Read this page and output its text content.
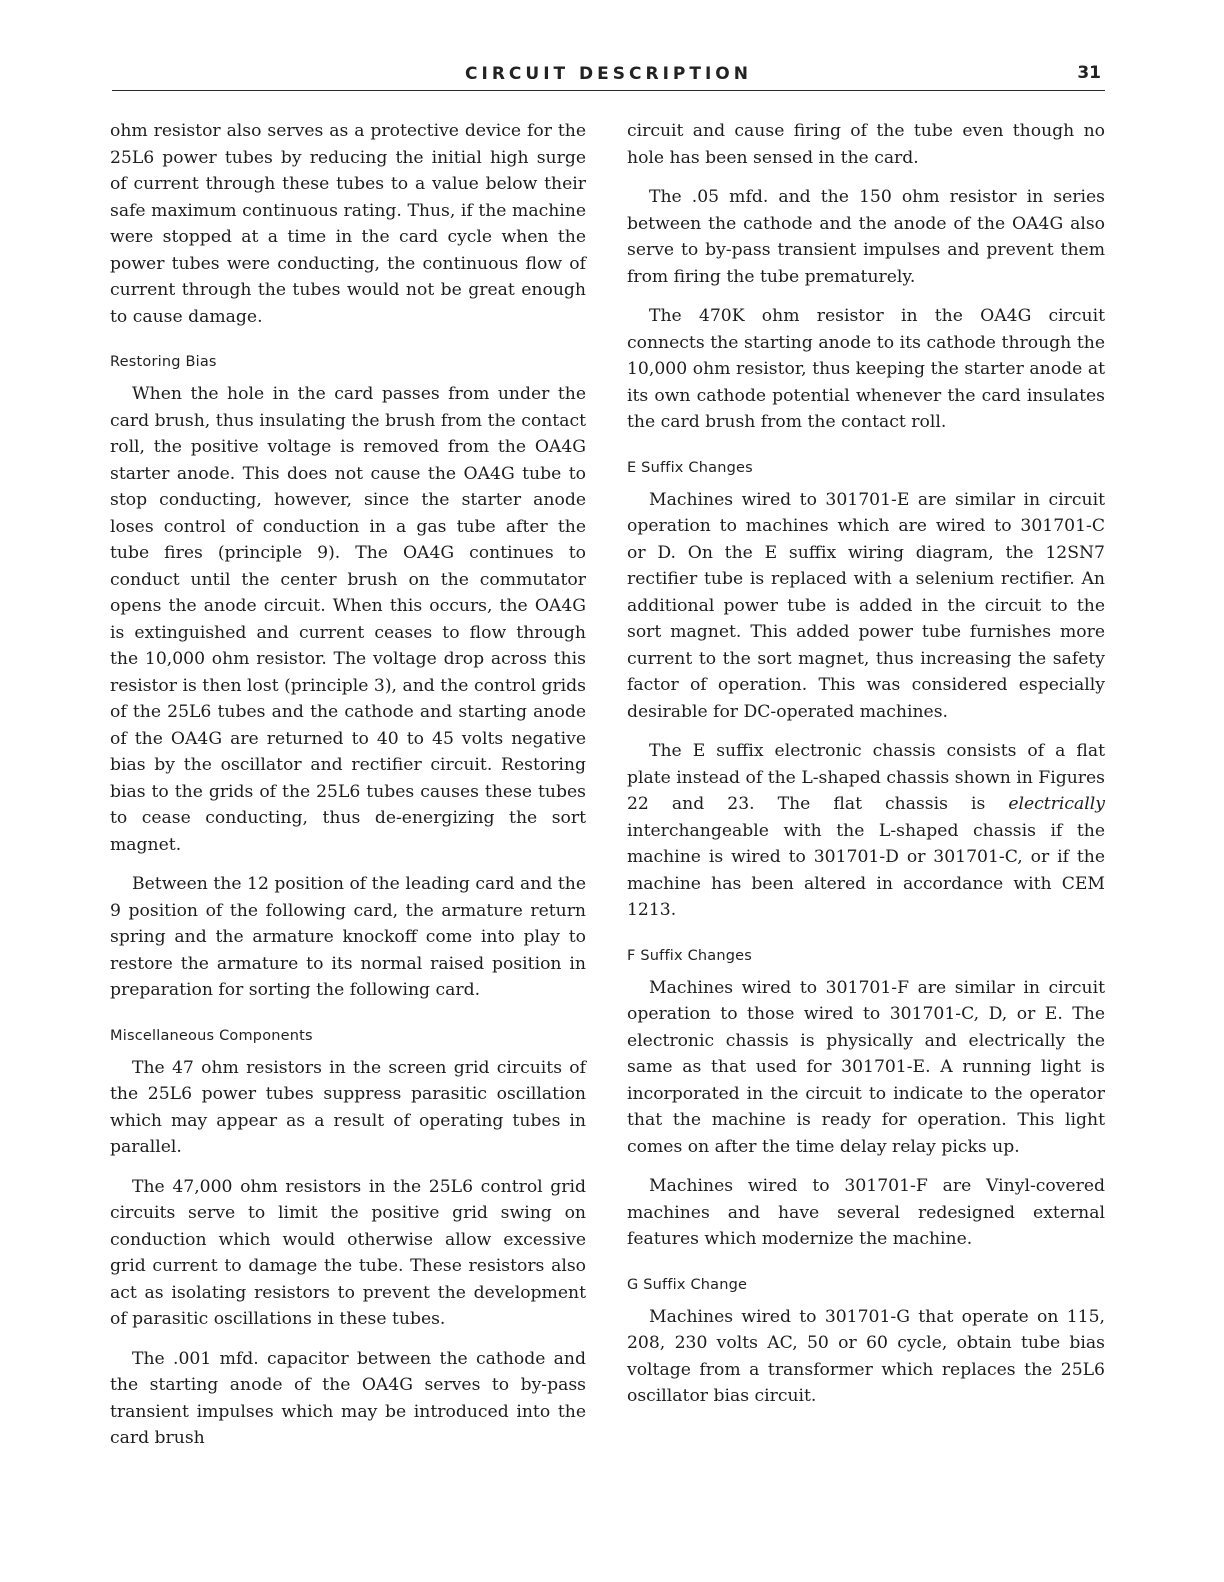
CIRCUIT DESCRIPTION	31

ohm resistor also serves as a protective device for the 25L6 power tubes by reducing the initial high surge of current through these tubes to a value below their safe maximum continuous rating. Thus, if the machine were stopped at a time in the card cycle when the power tubes were conducting, the continuous flow of current through the tubes would not be great enough to cause damage.

Restoring Bias

When the hole in the card passes from under the card brush, thus insulating the brush from the contact roll, the positive voltage is removed from the OA4G starter anode. This does not cause the OA4G tube to stop conducting, however, since the starter anode loses control of conduction in a gas tube after the tube fires (principle 9). The OA4G continues to conduct until the center brush on the commutator opens the anode circuit. When this occurs, the OA4G is extinguished and current ceases to flow through the 10,000 ohm resistor. The voltage drop across this resistor is then lost (principle 3), and the control grids of the 25L6 tubes and the cathode and starting anode of the OA4G are returned to 40 to 45 volts negative bias by the oscillator and rectifier circuit. Restoring bias to the grids of the 25L6 tubes causes these tubes to cease conducting, thus de-energizing the sort magnet.

Between the 12 position of the leading card and the 9 position of the following card, the armature return spring and the armature knockoff come into play to restore the armature to its normal raised position in preparation for sorting the following card.

Miscellaneous Components

The 47 ohm resistors in the screen grid circuits of the 25L6 power tubes suppress parasitic oscillation which may appear as a result of operating tubes in parallel.

The 47,000 ohm resistors in the 25L6 control grid circuits serve to limit the positive grid swing on conduction which would otherwise allow excessive grid current to damage the tube. These resistors also act as isolating resistors to prevent the development of parasitic oscillations in these tubes.

The .001 mfd. capacitor between the cathode and the starting anode of the OA4G serves to by-pass transient impulses which may be introduced into the card brush

circuit and cause firing of the tube even though no hole has been sensed in the card.

The .05 mfd. and the 150 ohm resistor in series between the cathode and the anode of the OA4G also serve to by-pass transient impulses and prevent them from firing the tube prematurely.

The 470K ohm resistor in the OA4G circuit connects the starting anode to its cathode through the 10,000 ohm resistor, thus keeping the starter anode at its own cathode potential whenever the card insulates the card brush from the contact roll.

E Suffix Changes

Machines wired to 301701-E are similar in circuit operation to machines which are wired to 301701-C or D. On the E suffix wiring diagram, the 12SN7 rectifier tube is replaced with a selenium rectifier. An additional power tube is added in the circuit to the sort magnet. This added power tube furnishes more current to the sort magnet, thus increasing the safety factor of operation. This was considered especially desirable for DC-operated machines.

The E suffix electronic chassis consists of a flat plate instead of the L-shaped chassis shown in Figures 22 and 23. The flat chassis is electrically interchangeable with the L-shaped chassis if the machine is wired to 301701-D or 301701-C, or if the machine has been altered in accordance with CEM 1213.

F Suffix Changes

Machines wired to 301701-F are similar in circuit operation to those wired to 301701-C, D, or E. The electronic chassis is physically and electrically the same as that used for 301701-E. A running light is incorporated in the circuit to indicate to the operator that the machine is ready for operation. This light comes on after the time delay relay picks up.

Machines wired to 301701-F are Vinyl-covered machines and have several redesigned external features which modernize the machine.

G Suffix Change

Machines wired to 301701-G that operate on 115, 208, 230 volts AC, 50 or 60 cycle, obtain tube bias voltage from a transformer which replaces the 25L6 oscillator bias circuit.
